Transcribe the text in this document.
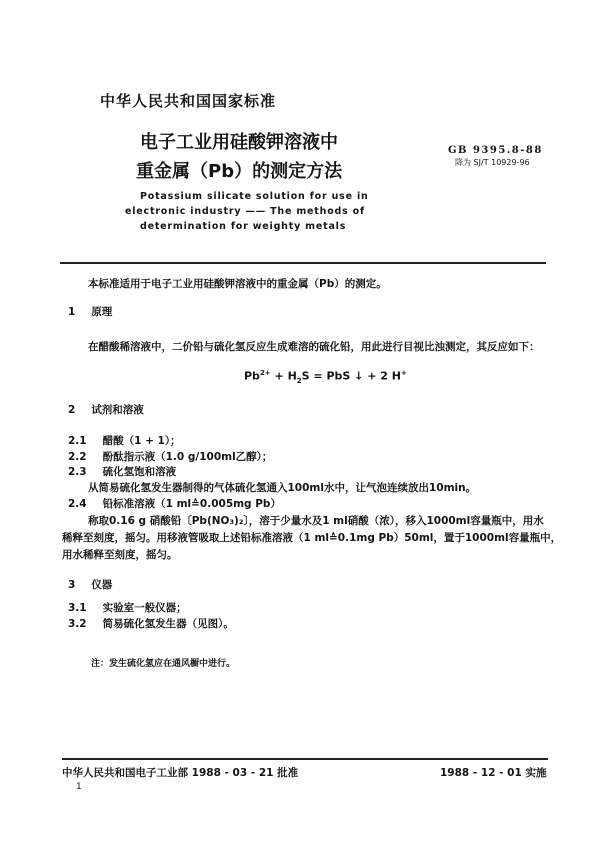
中华人民共和国国家标准
电子工业用硅酸钾溶液中
重金属（Pb）的测定方法
GB 9395.8-88
降为 SJ/T 10929-96
Potassium silicate solution for use in
electronic industry —— The methods of
determination for weighty metals
本标准适用于电子工业用硅酸钾溶液中的重金属（Pb）的测定。
1 原理
在醋酸稀溶液中，二价铅与硫化氢反应生成难溶的硫化铅，用此进行目视比浊测定，其反应如下：
$Pb^{2+} + H_2S$ = PbS ↓ + 2 H+
2 试剂和溶液
2.1 醋酸（1 + 1）；
2.2 酚酞指示液（1.0 g/100ml乙醇）；
2.3 硫化氢饱和溶液
从简易硫化氢发生器制得的气体硫化氢通入100ml水中，让气泡连续放出10min。
2.4 铅标准溶液（1 ml≙0.005mg Pb）
称取0.16 g 硝酸铅〔Pb(NO₃)₂〕，溶于少量水及1 ml硝酸（浓），移入1000ml容量瓶中，用水
稀释至刻度，摇匀。用移液管吸取上述铅标准溶液（1 ml≙0.1mg Pb）50ml，置于1000ml容量瓶中，
用水稀释至刻度，摇匀。
3 仪器
3.1 实验室一般仪器；
3.2 简易硫化氢发生器（见图）。
注：发生硫化氢应在通风橱中进行。
中华人民共和国电子工业部 1988 - 03 - 21 批准	1988 - 12 - 01 实施
1
